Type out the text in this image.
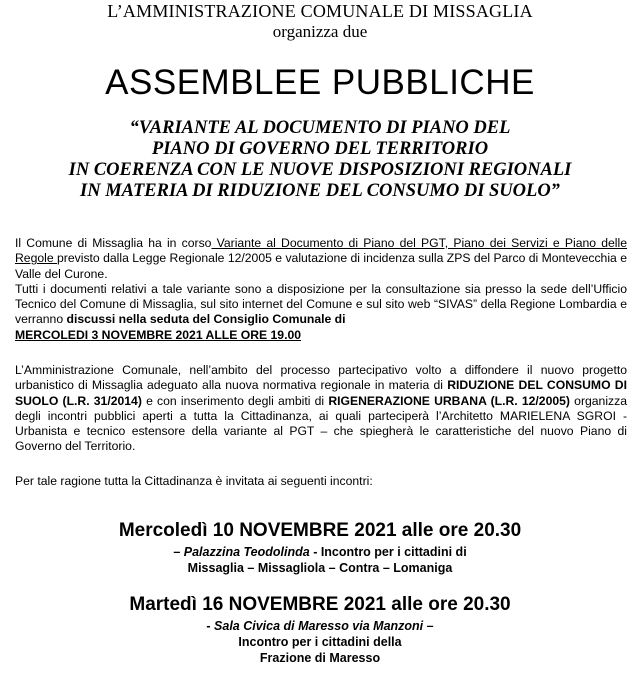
L’AMMINISTRAZIONE COMUNALE DI MISSAGLIA
organizza due
ASSEMBLEE PUBBLICHE
“VARIANTE AL DOCUMENTO DI PIANO DEL
PIANO DI GOVERNO DEL TERRITORIO
IN COERENZA CON LE NUOVE DISPOSIZIONI REGIONALI
IN MATERIA DI RIDUZIONE DEL CONSUMO DI SUOLO”

Il Comune di Missaglia ha in corso Variante al Documento di Piano del PGT, Piano dei Servizi e Piano delle Regole previsto dalla Legge Regionale 12/2005 e valutazione di incidenza sulla ZPS del Parco di Montevecchia e Valle del Curone.

Tutti i documenti relativi a tale variante sono a disposizione per la consultazione sia presso la sede dell’Ufficio Tecnico del Comune di Missaglia, sul sito internet del Comune e sul sito web “SIVAS” della Regione Lombardia e verranno discussi nella seduta del Consiglio Comunale di
MERCOLEDI 3 NOVEMBRE 2021 ALLE ORE 19.00

L’Amministrazione Comunale, nell’ambito del processo partecipativo volto a diffondere il nuovo progetto urbanistico di Missaglia adeguato alla nuova normativa regionale in materia di RIDUZIONE DEL CONSUMO DI SUOLO (L.R. 31/2014) e con inserimento degli ambiti di RIGENERAZIONE URBANA (L.R. 12/2005) organizza degli incontri pubblici aperti a tutta la Cittadinanza, ai quali parteciperà l’Architetto MARIELENA SGROI -Urbanista e tecnico estensore della variante al PGT – che spiegherà le caratteristiche del nuovo Piano di Governo del Territorio.

Per tale ragione tutta la Cittadinanza è invitata ai seguenti incontri:
Mercoledì 10 NOVEMBRE 2021 alle ore 20.30
– Palazzina Teodolinda - Incontro per i cittadini di
Missaglia – Missagliola – Contra – Lomaniga
Martedì 16 NOVEMBRE 2021 alle ore 20.30
- Sala Civica di Maresso via Manzoni –
Incontro per i cittadini della
Frazione di Maresso
